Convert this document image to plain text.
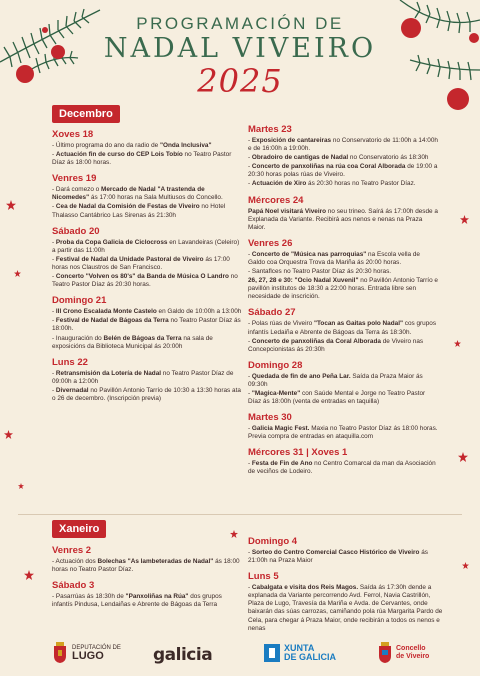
PROGRAMACIÓN DE
NADAL VIVEIRO
2025
Decembro
Xoves 18
- Último programa do ano da radio de "Onda Inclusiva"
- Actuación fin de curso do CEP Lois Tobío no Teatro Pastor Díaz ás 18:00 horas.
Venres 19
- Dará comezo o Mercado de Nadal "A trastenda de Nicomedes" ás 17:00 horas na Sala Multiusos do Concello.
- Cea de Nadal da Comisión de Festas de Viveiro no Hotel Thalasso Cantábrico Las Sirenas ás 21:30h
Sábado 20
- Proba da Copa Galicia de Ciclocross en Lavandeiras (Celeiro) a partir das 11:00h
- Festival de Nadal da Unidade Pastoral de Viveiro ás 17:00 horas nos Claustros de San Francisco.
- Concerto "Volven os 80's" da Banda de Música O Landro no Teatro Pastor Díaz ás 20:30 horas.
Domingo 21
- III Crono Escalada Monte Castelo en Galdo de 10:00h a 13:00h
- Festival de Nadal de Bágoas da Terra no Teatro Pastor Díaz ás 18:00h.
- Inauguración do Belén de Bágoas da Terra na sala de exposicións da Biblioteca Municipal ás 20:00h
Luns 22
- Retransmisión da Lotería de Nadal no Teatro Pastor Díaz de 09:00h a 12:00h
- Divernadal no Pavillón Antonio Tarrío de 10:30 a 13:30 horas ata o 26 de decembro. (Inscripción previa)
Martes 23
- Exposición de cantareiras no Conservatorio de 11:00h a 14:00h e de 16:00h a 19:00h.
- Obradoiro de cantigas de Nadal no Conservatorio ás 18:30h
- Concerto de panxoliñas na rúa coa Coral Alborada de 19:00 a 20:30 horas polas rúas de Viveiro.
- Actuación de Xiro ás 20:30 horas no Teatro Pastor Díaz.
Mércores 24
Papá Noel visitará Viveiro no seu trineo. Saírá ás 17:00h desde a Explanada da Variante. Recibirá aos nenos e nenas na Praza Maior.
Venres 26
- Concerto de "Música nas parroquias" na Escola vella de Galdo coa Orquestra Trova da Mariña ás 20:00 horas.
- Santaflces no Teatro Pastor Díaz ás 20:30 horas.
26, 27, 28 e 30: "Ocio Nadal Xuvenil" no Pavillón Antonio Tarrío e pavillón institutos de 18:30 a 22:00 horas. Entrada libre sen necesidade de inscrición.
Sábado 27
- Polas rúas de Viveiro "Tocan as Gaitas polo Nadal" cos grupos infantís Ledaiña e Abrente de Bágoas da Terra ás 18:30h.
- Concerto de panxoliñas da Coral Alborada de Viveiro nas Concepcionistas ás 20:30h
Domingo 28
- Quedada de fin de ano Peña Lar. Saída da Praza Maior ás 09:30h
- "Magica-Mente" con Saúde Mental e Jorge no Teatro Pastor Díaz ás 18:00h (venta de entradas en taquilla)
Martes 30
- Galicia Magic Fest. Maxia no Teatro Pastor Díaz ás 18:00 horas. Previa compra de entradas en ataquilla.com
Mércores 31 | Xoves 1
- Festa de Fin de Ano no Centro Comarcal da man da Asociación de veciños de Lodeiro.
Xaneiro
Venres 2
- Actuación dos Bolechas "As lambeteradas de Nadal" ás 18:00 horas no Teatro Pastor Díaz.
Sábado 3
- Pasarrúas ás 18:30h de "Panxoliñas na Rúa" dos grupos infantís Pindusa, Lendaiñas e Abrente de Bágoas da Terra
Domingo 4
- Sorteo do Centro Comercial Casco Histórico de Viveiro ás 21:00h na Praza Maior
Luns 5
- Cabalgata e visita dos Reis Magos. Saída ás 17:30h dende a explanada da Variante percorrendo Avd. Ferrol, Navia Castrillón, Plaza de Lugo, Travesía da Mariña e Avda. de Cervantes, onde baixarán das súas carrozas, camiñando pola rúa Margarita Pardo de Cela, para chegar á Praza Maior, onde recibirán a todos os nenos e nenas
DEPUTACIÓN DE
LUGO	galicia	XUNTA
DE GALICIA
Concello
de Viveiro
